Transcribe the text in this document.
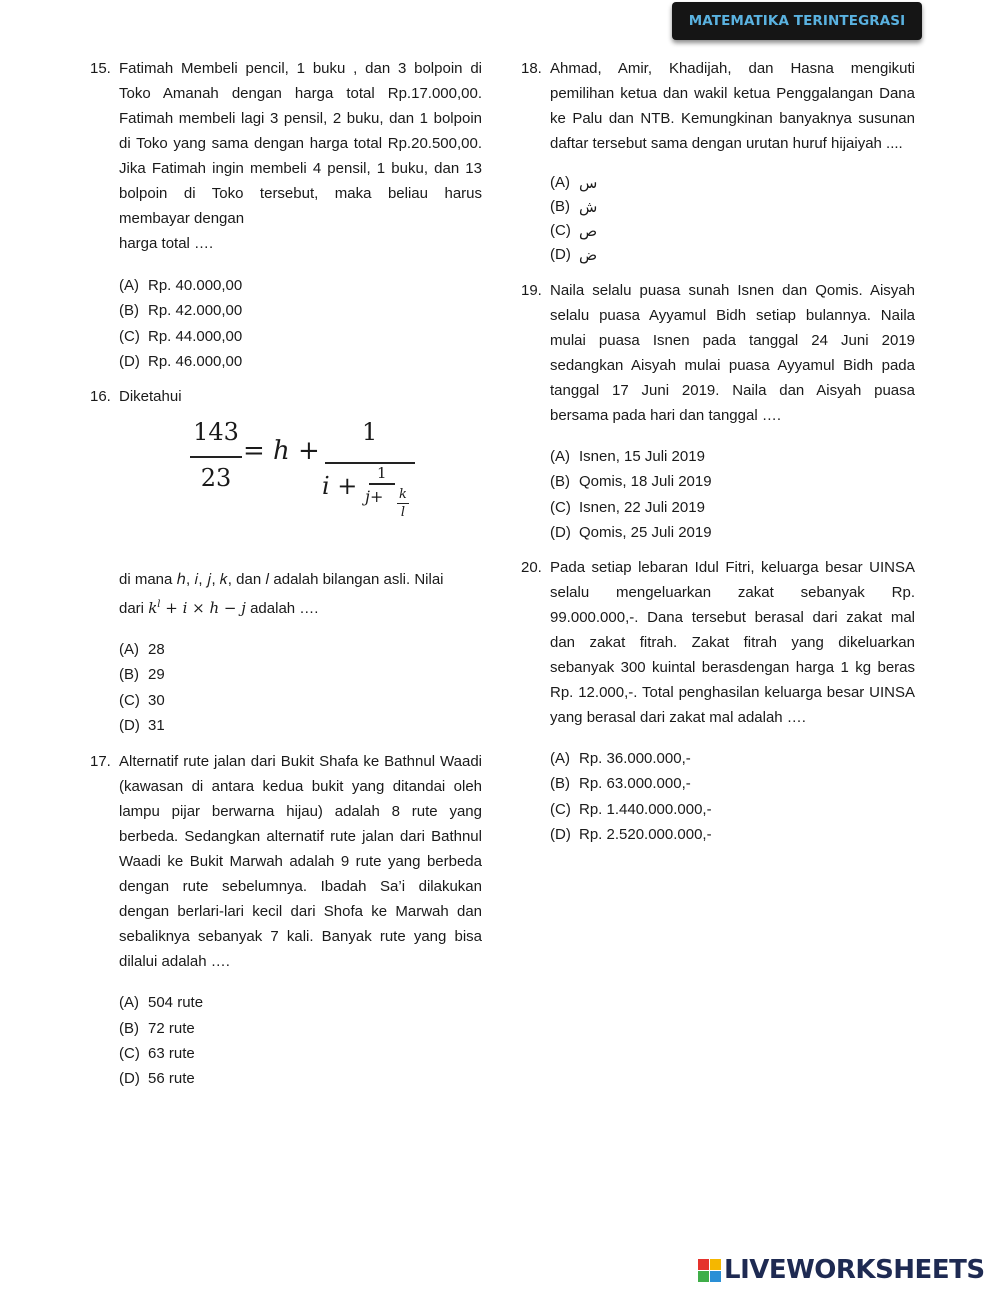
MATEMATIKA TERINTEGRASI
15. Fatimah Membeli pencil, 1 buku , dan 3 bolpoin di Toko Amanah dengan harga total Rp.17.000,00. Fatimah membeli lagi 3 pensil, 2 buku, dan 1 bolpoin di Toko yang sama dengan harga total Rp.20.500,00. Jika Fatimah ingin membeli 4 pensil, 1 buku, dan 13 bolpoin di Toko tersebut, maka beliau harus membayar dengan
harga total ….
(A) Rp. 40.000,00
(B) Rp. 42.000,00
(C) Rp. 44.000,00
(D) Rp. 46.000,00
16. Diketahui
143
23
= ℎ +
1
𝑖 + 1
𝑗+ 𝑘
𝑙
di mana ℎ, 𝑖, 𝑗, 𝑘, dan 𝑙 adalah bilangan asli. Nilai
dari 𝑘$^𝑙$ + 𝑖 × ℎ − 𝑗 adalah ….
(A) 28
(B) 29
(C) 30
(D) 31
17. Alternatif rute jalan dari Bukit Shafa ke Bathnul Waadi (kawasan di antara kedua bukit yang ditandai oleh lampu pijar berwarna hijau) adalah 8 rute yang berbeda. Sedangkan alternatif rute jalan dari Bathnul Waadi ke Bukit Marwah adalah 9 rute yang berbeda dengan rute sebelumnya. Ibadah Sa’i dilakukan dengan berlari-lari kecil dari Shofa ke Marwah dan sebaliknya sebanyak 7 kali. Banyak rute yang bisa dilalui adalah ….
(A) 504 rute
(B) 72 rute
(C) 63 rute
(D) 56 rute
18. Ahmad, Amir, Khadijah, dan Hasna mengikuti pemilihan ketua dan wakil ketua Penggalangan Dana ke Palu dan NTB. Kemungkinan banyaknya susunan daftar tersebut sama dengan urutan huruf hijaiyah ....
(A) س
(B) ش
(C) ص
(D) ض
19. Naila selalu puasa sunah Isnen dan Qomis. Aisyah selalu puasa Ayyamul Bidh setiap bulannya. Naila mulai puasa Isnen pada tanggal 24 Juni 2019 sedangkan Aisyah mulai puasa Ayyamul Bidh pada tanggal 17 Juni 2019. Naila dan Aisyah puasa bersama pada hari dan tanggal ….
(A) Isnen, 15 Juli 2019
(B) Qomis, 18 Juli 2019
(C) Isnen, 22 Juli 2019
(D) Qomis, 25 Juli 2019
20. Pada setiap lebaran Idul Fitri, keluarga besar UINSA selalu mengeluarkan zakat sebanyak Rp. 99.000.000,-. Dana tersebut berasal dari zakat mal dan zakat fitrah. Zakat fitrah yang dikeluarkan sebanyak 300 kuintal berasdengan harga 1 kg beras Rp. 12.000,-. Total penghasilan keluarga besar UINSA yang berasal dari zakat mal adalah ….
(A) Rp. 36.000.000,-
(B) Rp. 63.000.000,-
(C) Rp. 1.440.000.000,-
(D) Rp. 2.520.000.000,-
LIVEWORKSHEETS
